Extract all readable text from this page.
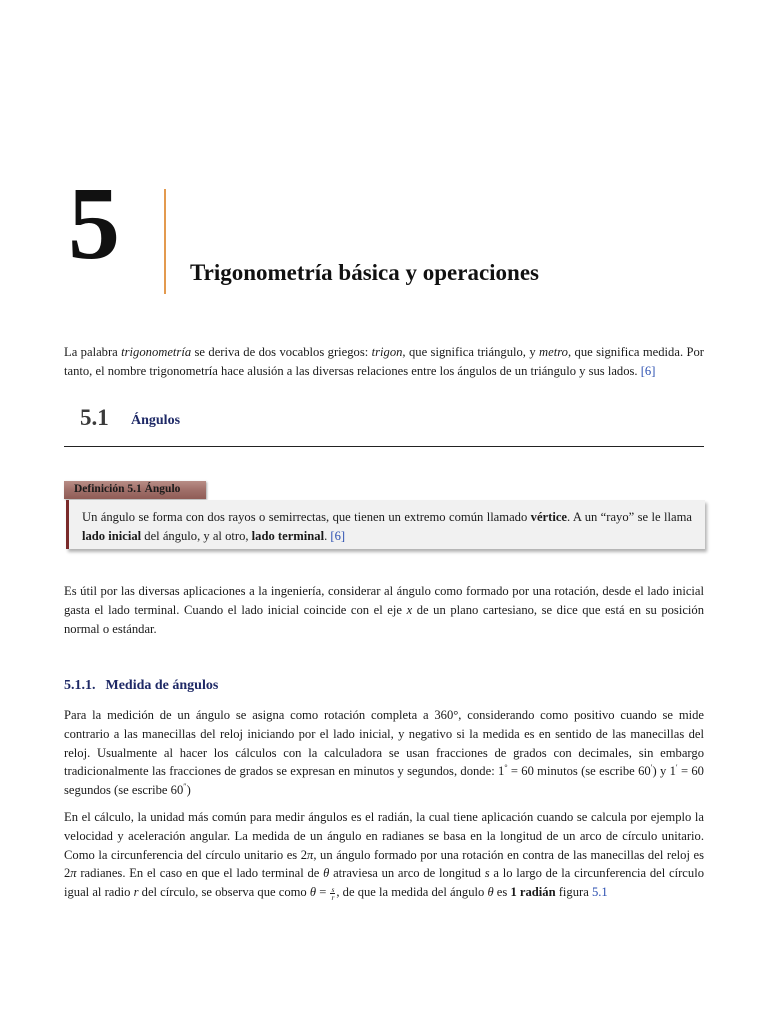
5	Trigonometría básica y operaciones
La palabra trigonometría se deriva de dos vocablos griegos: trigon, que significa triángulo, y metro, que significa medida. Por tanto, el nombre trigonometría hace alusión a las diversas relaciones entre los ángulos de un triángulo y sus lados. [6]
5.1 Ángulos
Definición 5.1 Ángulo
Un ángulo se forma con dos rayos o semirrectas, que tienen un extremo común llamado vértice. A un “rayo” se le llama lado inicial del ángulo, y al otro, lado terminal. [6]
Es útil por las diversas aplicaciones a la ingeniería, considerar al ángulo como formado por una rotación, desde el lado inicial gasta el lado terminal. Cuando el lado inicial coincide con el eje x de un plano cartesiano, se dice que está en su posición normal o estándar.
5.1.1. Medida de ángulos
Para la medición de un ángulo se asigna como rotación completa a 360°, considerando como positivo cuando se mide contrario a las manecillas del reloj iniciando por el lado inicial, y negativo si la medida es en sentido de las manecillas del reloj. Usualmente al hacer los cálculos con la calculadora se usan fracciones de grados con decimales, sin embargo tradicionalmente las fracciones de grados se expresan en minutos y segundos, donde: 1° = 60 minutos (se escribe 60′) y 1′ = 60 segundos (se escribe 60″)
En el cálculo, la unidad más común para medir ángulos es el radián, la cual tiene aplicación cuando se calcula por ejemplo la velocidad y aceleración angular. La medida de un ángulo en radianes se basa en la longitud de un arco de círculo unitario. Como la circunferencia del círculo unitario es 2π, un ángulo formado por una rotación en contra de las manecillas del reloj es 2π radianes. En el caso en que el lado terminal de θ atraviesa un arco de longitud s a lo largo de la circunferencia del círculo igual al radio r del círculo, se observa que como $\theta = \frac{s}{r}$ , de que la medida del ángulo θ es 1 radián figura 5.1
